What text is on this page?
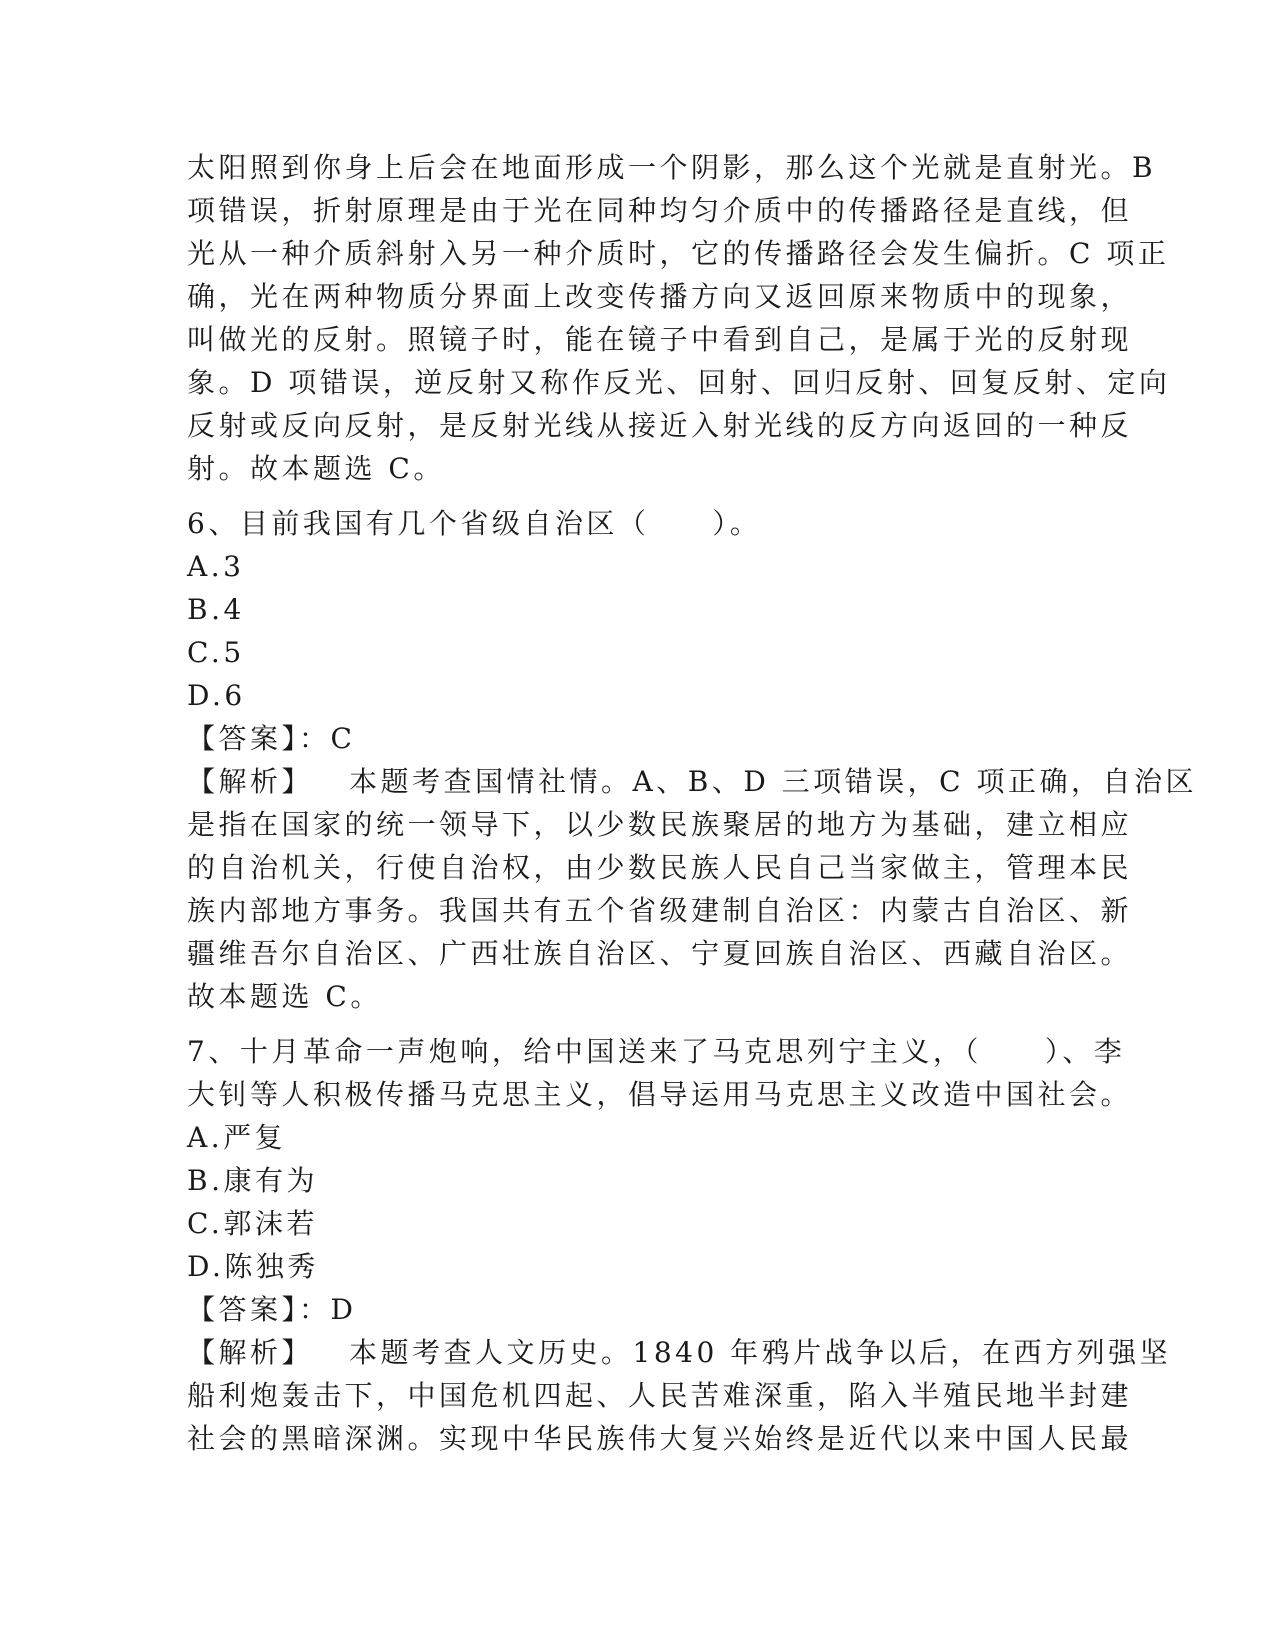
太阳照到你身上后会在地面形成一个阴影，那么这个光就是直射光。B
项错误，折射原理是由于光在同种均匀介质中的传播路径是直线，但
光从一种介质斜射入另一种介质时，它的传播路径会发生偏折。C 项正
确，光在两种物质分界面上改变传播方向又返回原来物质中的现象，
叫做光的反射。照镜子时，能在镜子中看到自己，是属于光的反射现
象。D 项错误，逆反射又称作反光、回射、回归反射、回复反射、定向
反射或反向反射，是反射光线从接近入射光线的反方向返回的一种反
射。故本题选 C。
6、目前我国有几个省级自治区（　　）。
A.3
B.4
C.5
D.6
【答案】：C
【解析】 本题考查国情社情。A、B、D 三项错误，C 项正确，自治区
是指在国家的统一领导下，以少数民族聚居的地方为基础，建立相应
的自治机关，行使自治权，由少数民族人民自己当家做主，管理本民
族内部地方事务。我国共有五个省级建制自治区：内蒙古自治区、新
疆维吾尔自治区、广西壮族自治区、宁夏回族自治区、西藏自治区。
故本题选 C。
7、十月革命一声炮响，给中国送来了马克思列宁主义，（　　）、李
大钊等人积极传播马克思主义，倡导运用马克思主义改造中国社会。
A.严复
B.康有为
C.郭沫若
D.陈独秀
【答案】：D
【解析】 本题考查人文历史。1840 年鸦片战争以后，在西方列强坚
船利炮轰击下，中国危机四起、人民苦难深重，陷入半殖民地半封建
社会的黑暗深渊。实现中华民族伟大复兴始终是近代以来中国人民最
